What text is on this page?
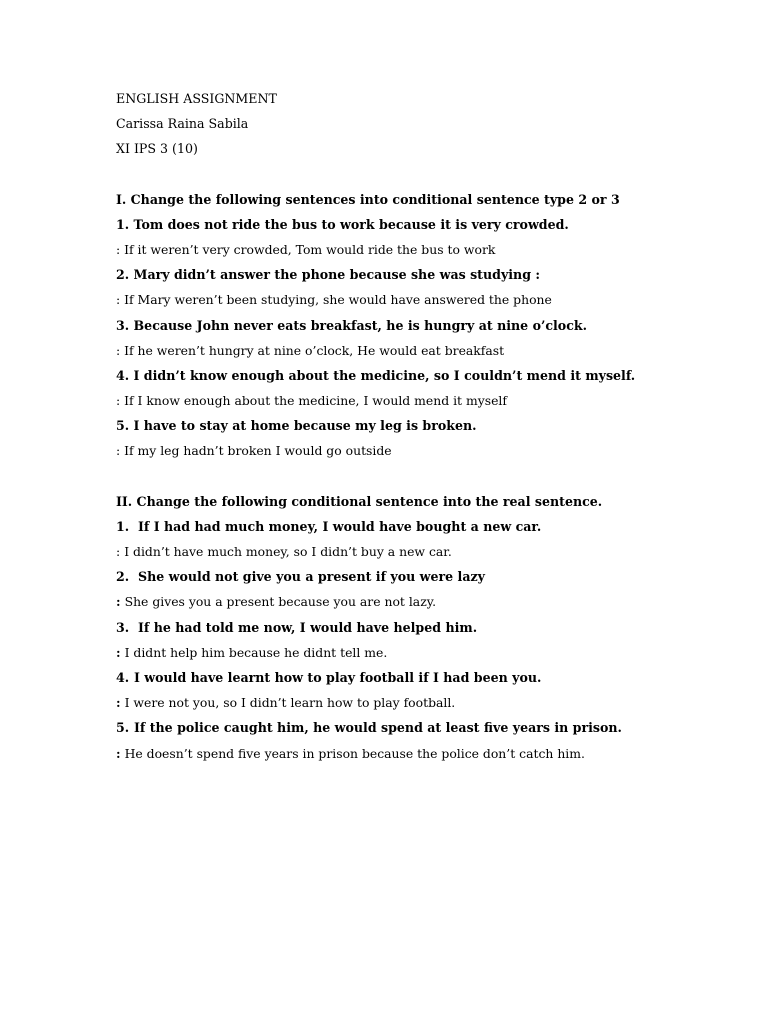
ENGLISH ASSIGNMENT
Carissa Raina Sabila
XI IPS 3 (10)
I. Change the following sentences into conditional sentence type 2 or 3
1. Tom does not ride the bus to work because it is very crowded.
: If it weren’t very crowded, Tom would ride the bus to work
2. Mary didn’t answer the phone because she was studying :
: If Mary weren’t been studying, she would have answered the phone
3. Because John never eats breakfast, he is hungry at nine o’clock.
: If he weren’t hungry at nine o’clock, He would eat breakfast
4. I didn’t know enough about the medicine, so I couldn’t mend it myself.
: If I know enough about the medicine, I would mend it myself
5. I have to stay at home because my leg is broken.
: If my leg hadn’t broken I would go outside
II. Change the following conditional sentence into the real sentence.
1. If I had had much money, I would have bought a new car.
: I didn’t have much money, so I didn’t buy a new car.
2. She would not give you a present if you were lazy
: She gives you a present because you are not lazy.
3. If he had told me now, I would have helped him.
: I didnt help him because he didnt tell me.
4. I would have learnt how to play football if I had been you.
: I were not you, so I didn’t learn how to play football.
5. If the police caught him, he would spend at least five years in prison.
: He doesn’t spend five years in prison because the police don’t catch him.
